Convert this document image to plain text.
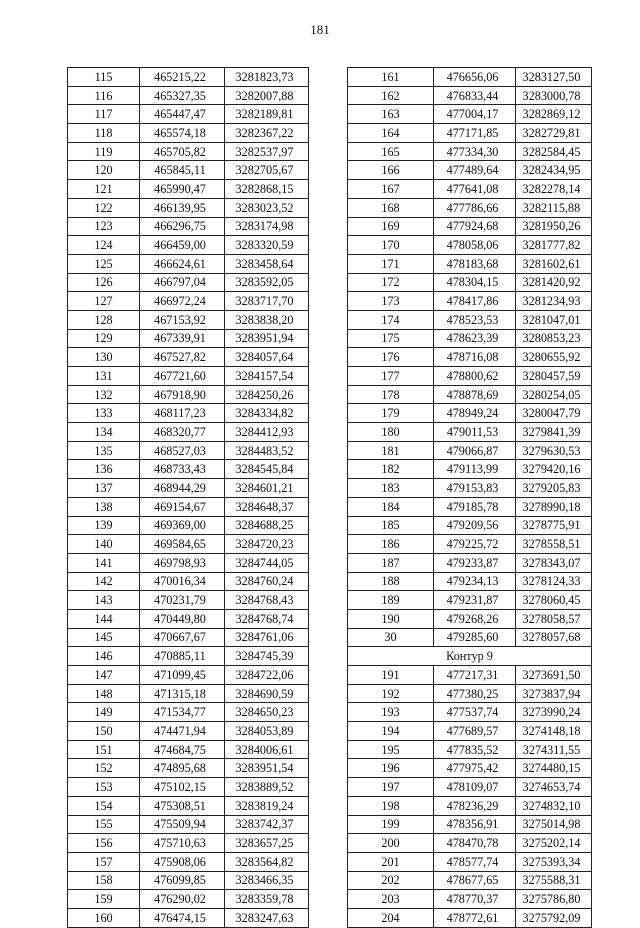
181
115	465215,22	3281823,73
116	465327,35	3282007,88
117	465447,47	3282189,81
118	465574,18	3282367,22
119	465705,82	3282537,97
120	465845,11	3282705,67
121	465990,47	3282868,15
122	466139,95	3283023,52
123	466296,75	3283174,98
124	466459,00	3283320,59
125	466624,61	3283458,64
126	466797,04	3283592,05
127	466972,24	3283717,70
128	467153,92	3283838,20
129	467339,91	3283951,94
130	467527,82	3284057,64
131	467721,60	3284157,54
132	467918,90	3284250,26
133	468117,23	3284334,82
134	468320,77	3284412,93
135	468527,03	3284483,52
136	468733,43	3284545,84
137	468944,29	3284601,21
138	469154,67	3284648,37
139	469369,00	3284688,25
140	469584,65	3284720,23
141	469798,93	3284744,05
142	470016,34	3284760,24
143	470231,79	3284768,43
144	470449,80	3284768,74
145	470667,67	3284761,06
146	470885,11	3284745,39
147	471099,45	3284722,06
148	471315,18	3284690,59
149	471534,77	3284650,23
150	474471,94	3284053,89
151	474684,75	3284006,61
152	474895,68	3283951,54
153	475102,15	3283889,52
154	475308,51	3283819,24
155	475509,94	3283742,37
156	475710,63	3283657,25
157	475908,06	3283564,82
158	476099,85	3283466,35
159	476290,02	3283359,78
160	476474,15	3283247,63
161	476656,06	3283127,50
162	476833,44	3283000,78
163	477004,17	3282869,12
164	477171,85	3282729,81
165	477334,30	3282584,45
166	477489,64	3282434,95
167	477641,08	3282278,14
168	477786,66	3282115,88
169	477924,68	3281950,26
170	478058,06	3281777,82
171	478183,68	3281602,61
172	478304,15	3281420,92
173	478417,86	3281234,93
174	478523,53	3281047,01
175	478623,39	3280853,23
176	478716,08	3280655,92
177	478800,62	3280457,59
178	478878,69	3280254,05
179	478949,24	3280047,79
180	479011,53	3279841,39
181	479066,87	3279630,53
182	479113,99	3279420,16
183	479153,83	3279205,83
184	479185,78	3278990,18
185	479209,56	3278775,91
186	479225,72	3278558,51
187	479233,87	3278343,07
188	479234,13	3278124,33
189	479231,87	3278060,45
190	479268,26	3278058,57
30	479285,60	3278057,68
Контур 9		
191	477217,31	3273691,50
192	477380,25	3273837,94
193	477537,74	3273990,24
194	477689,57	3274148,18
195	477835,52	3274311,55
196	477975,42	3274480,15
197	478109,07	3274653,74
198	478236,29	3274832,10
199	478356,91	3275014,98
200	478470,78	3275202,14
201	478577,74	3275393,34
202	478677,65	3275588,31
203	478770,37	3275786,80
204	478772,61	3275792,09
